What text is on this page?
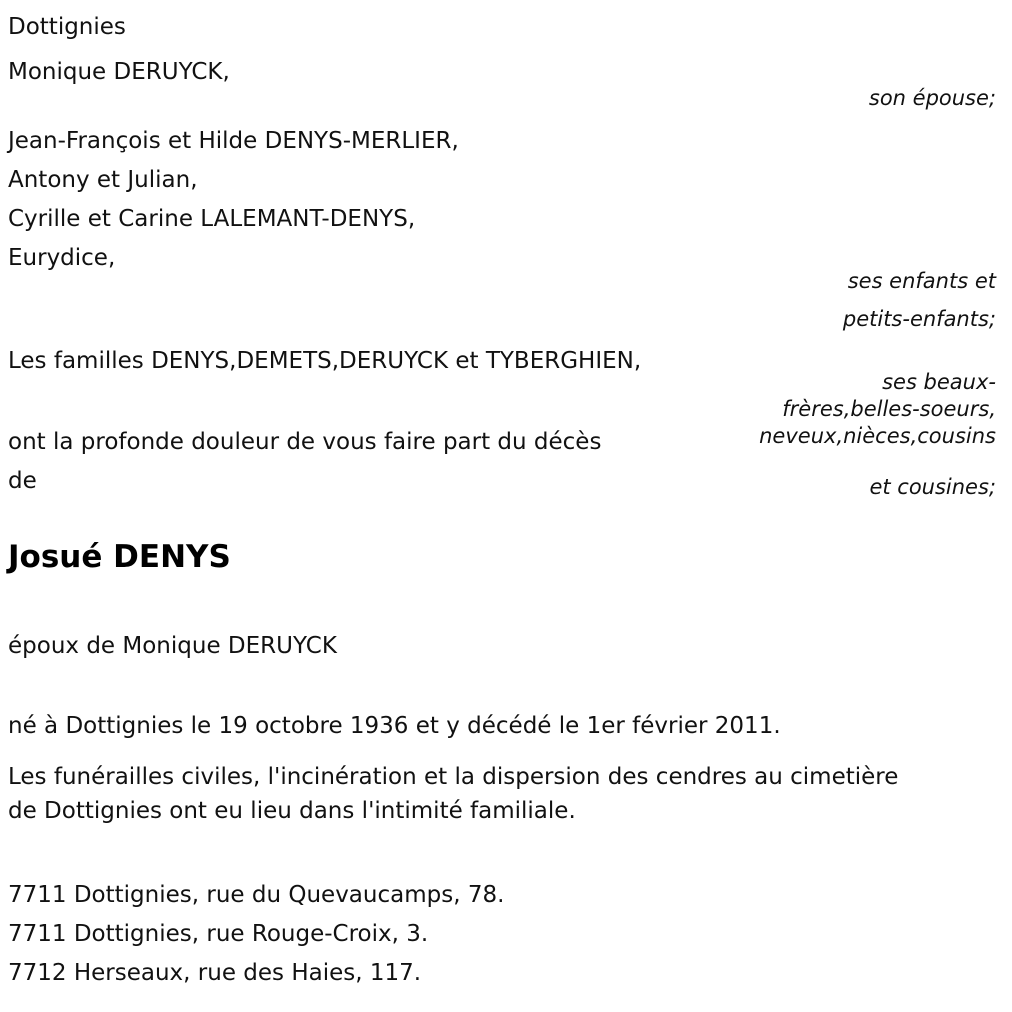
Dottignies
Monique DERUYCK,
son épouse;
Jean-François et Hilde DENYS-MERLIER,
Antony et Julian,
Cyrille et Carine LALEMANT-DENYS,
Eurydice,
ses enfants et
petits-enfants;
Les familles DENYS,DEMETS,DERUYCK et TYBERGHIEN,
ses beaux-
frères,belles-soeurs,
neveux,nièces,cousins
et cousines;
ont la profonde douleur de vous faire part du décès
de
Josué DENYS
époux de Monique DERUYCK
né à Dottignies le 19 octobre 1936 et y décédé le 1er février 2011.
Les funérailles civiles, l'incinération et la dispersion des cendres au cimetière de Dottignies ont eu lieu dans l'intimité familiale.
7711 Dottignies, rue du Quevaucamps, 78.
7711 Dottignies, rue Rouge-Croix, 3.
7712 Herseaux, rue des Haies, 117.
